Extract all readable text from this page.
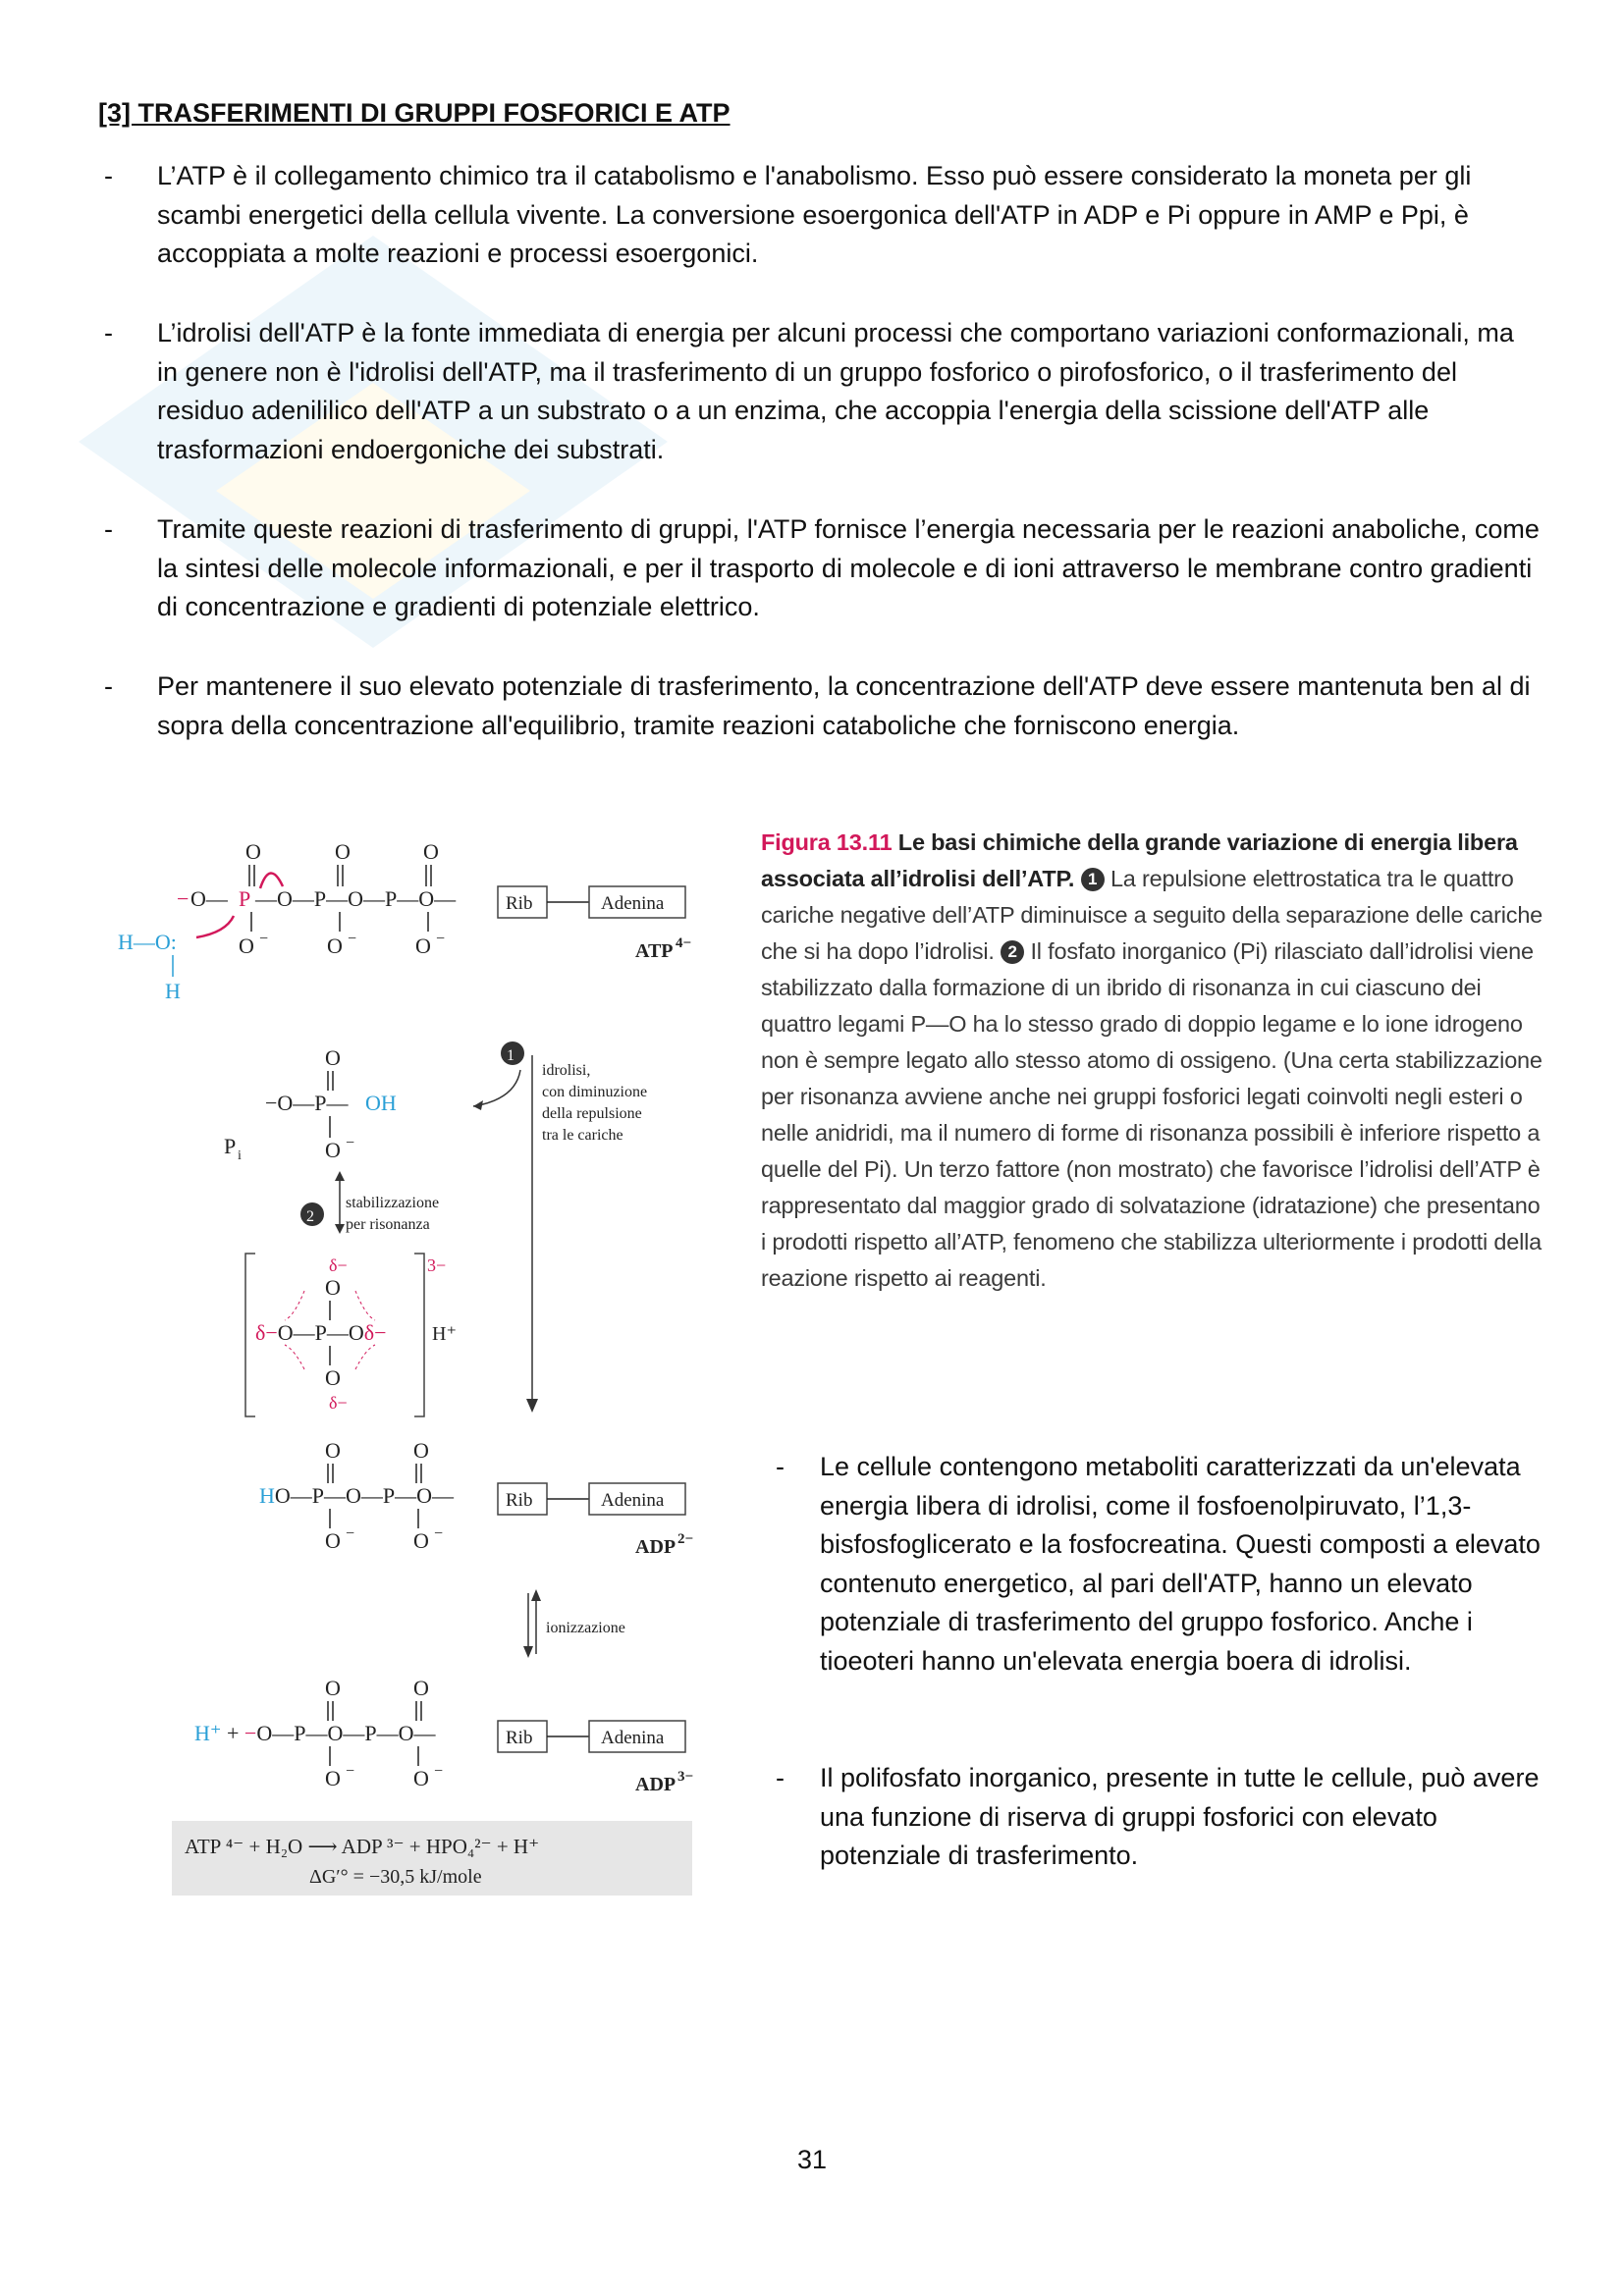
[3] TRASFERIMENTI DI GRUPPI FOSFORICI E ATP
- L’ATP è il collegamento chimico tra il catabolismo e l'anabolismo. Esso può essere considerato la moneta per gli scambi energetici della cellula vivente. La conversione esoergonica dell'ATP in ADP e Pi oppure in AMP e Ppi, è accoppiata a molte reazioni e processi esoergonici.
- L’idrolisi dell'ATP è la fonte immediata di energia per alcuni processi che comportano variazioni conformazionali, ma in genere non è l'idrolisi dell'ATP, ma il trasferimento di un gruppo fosforico o pirofosforico, o il trasferimento del residuo adenililico dell'ATP a un substrato o a un enzima, che accoppia l'energia della scissione dell'ATP alle trasformazioni endoergoniche dei substrati.
- Tramite queste reazioni di trasferimento di gruppi, l'ATP fornisce l’energia necessaria per le reazioni anaboliche, come la sintesi delle molecole informazionali, e per il trasporto di molecole e di ioni attraverso le membrane contro gradienti di concentrazione e gradienti di potenziale elettrico.
- Per mantenere il suo elevato potenziale di trasferimento, la concentrazione dell'ATP deve essere mantenuta ben al di sopra della concentrazione all'equilibrio, tramite reazioni cataboliche che forniscono energia.
O	O	O
− O— P —O—P—O—P—O—
O −	O −	O −
Rib	Adenina
ATP 4−
H—O:
H
O
−O—P— OH
O −
P i
1
idrolisi,
con diminuzione
della repulsione
tra le cariche
2
stabilizzazione
per risonanza
3−
δ−
O
δ−O—P—Oδ− H⁺
O
δ−
O	O
HO—P—O—P—O—
O −	O −
Rib	Adenina
ADP 2−
ionizzazione
O	O
H⁺ + −O—P—O—P—O—
O −	O −
Rib	Adenina
ADP 3−
ATP ⁴⁻ + H₂O ⟶ ADP ³⁻ + HPO₄²⁻ + H⁺
ΔG′° = −30,5 kJ/mole
Figura 13.11 Le basi chimiche della grande variazione di energia libera associata all’idrolisi dell’ATP. 1 La repulsione elettrostatica tra le quattro cariche negative dell’ATP diminuisce a seguito della separazione delle cariche che si ha dopo l’idrolisi. 2 Il fosfato inorganico (Pi) rilasciato dall’idrolisi viene stabilizzato dalla formazione di un ibrido di risonanza in cui ciascuno dei quattro legami P—O ha lo stesso grado di doppio legame e lo ione idrogeno non è sempre legato allo stesso atomo di ossigeno. (Una certa stabilizzazione per risonanza avviene anche nei gruppi fosforici legati coinvolti negli esteri o nelle anidridi, ma il numero di forme di risonanza possibili è inferiore rispetto a quelle del Pi). Un terzo fattore (non mostrato) che favorisce l’idrolisi dell’ATP è rappresentato dal maggior grado di solvatazione (idratazione) che presentano i prodotti rispetto all’ATP, fenomeno che stabilizza ulteriormente i prodotti della reazione rispetto ai reagenti.
- Le cellule contengono metaboliti caratterizzati da un'elevata energia libera di idrolisi, come il fosfoenolpiruvato, l’1,3-bisfosfoglicerato e la fosfocreatina. Questi composti a elevato contenuto energetico, al pari dell'ATP, hanno un elevato potenziale di trasferimento del gruppo fosforico. Anche i tioeoteri hanno un'elevata energia boera di idrolisi.
- Il polifosfato inorganico, presente in tutte le cellule, può avere una funzione di riserva di gruppi fosforici con elevato potenziale di trasferimento.
31
